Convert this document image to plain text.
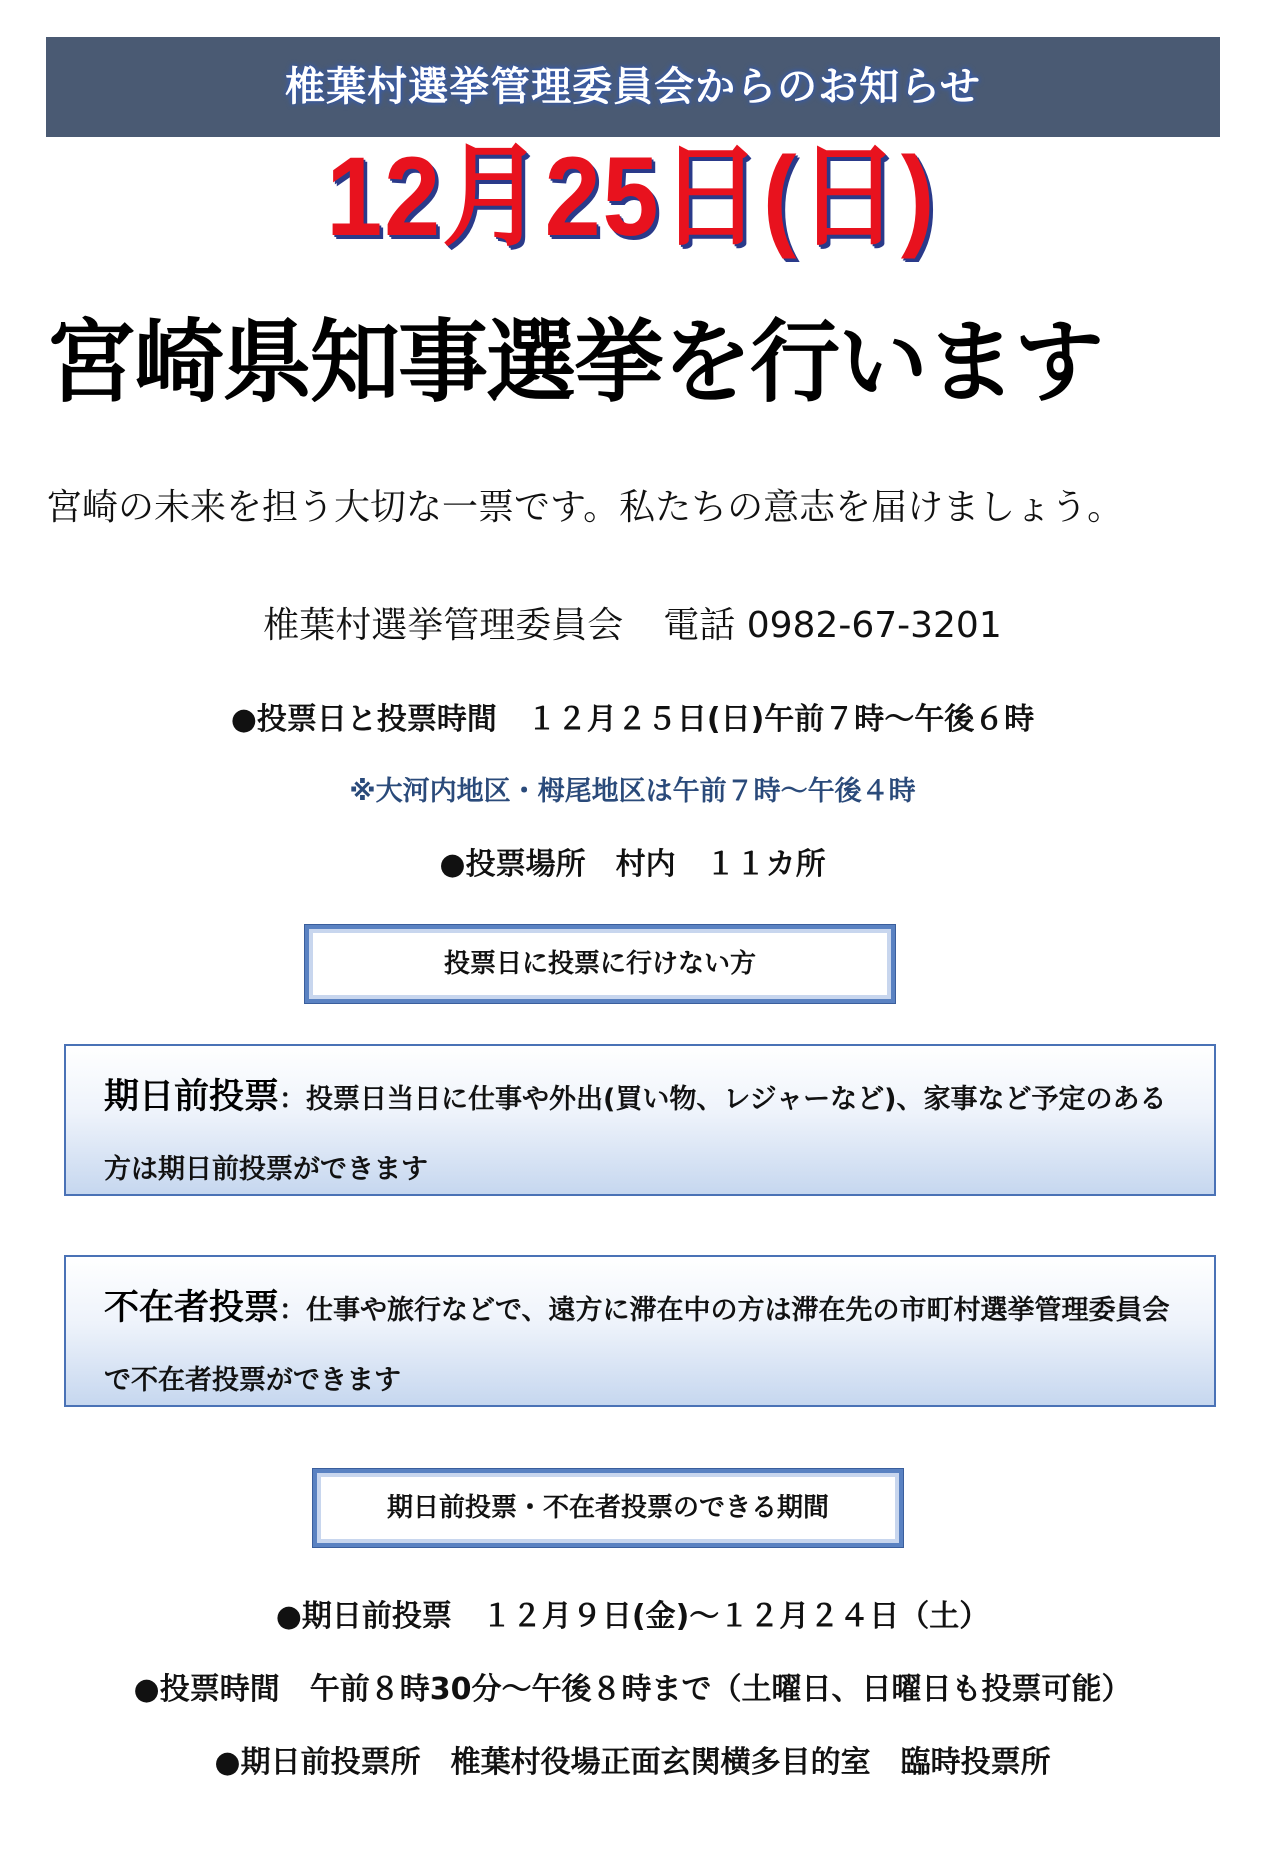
椎葉村選挙管理委員会からのお知らせ
12月25日(日)
宮崎県知事選挙を行います
宮崎の未来を担う大切な一票です。私たちの意志を届けましょう。
椎葉村選挙管理委員会 電話 0982-67-3201
●投票日と投票時間　１２月２５日(日)午前７時～午後６時
※大河内地区・栂尾地区は午前７時～午後４時
●投票場所　村内　１１カ所
投票日に投票に行けない方
期日前投票：投票日当日に仕事や外出(買い物、レジャーなど)、家事など予定のある方は期日前投票ができます
不在者投票：仕事や旅行などで、遠方に滞在中の方は滞在先の市町村選挙管理委員会で不在者投票ができます
期日前投票・不在者投票のできる期間
●期日前投票　１２月９日(金)～１２月２４日（土）
●投票時間　午前８時30分～午後８時まで（土曜日、日曜日も投票可能）
●期日前投票所　椎葉村役場正面玄関横多目的室　臨時投票所
